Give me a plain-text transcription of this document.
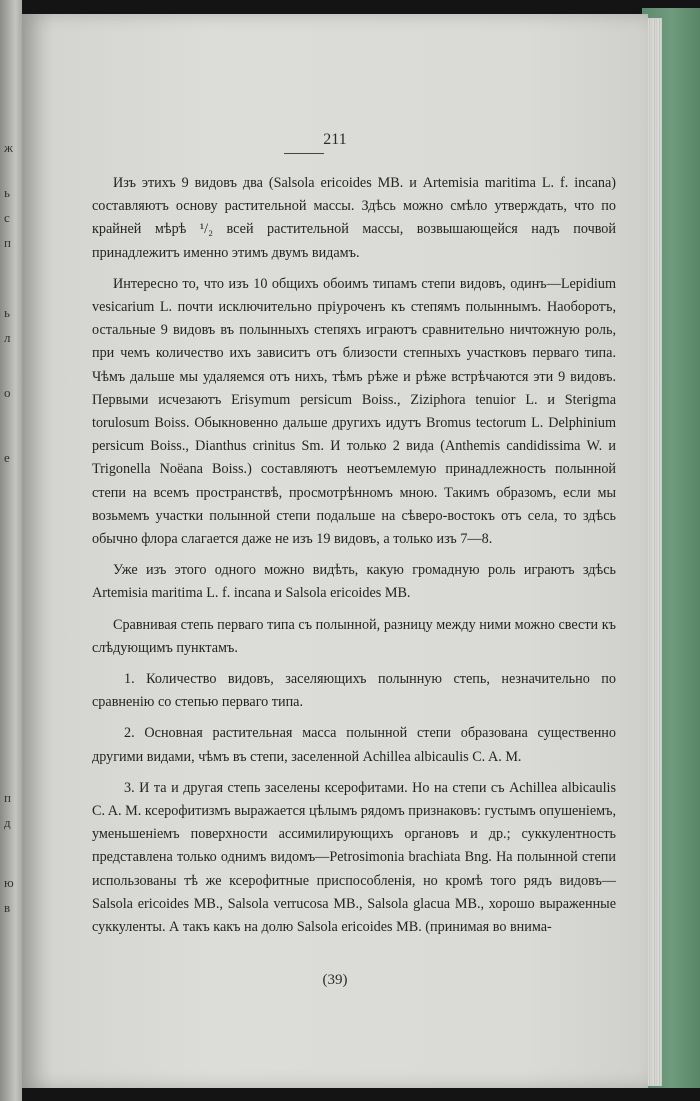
ж
ь
с
п
ь
л
о
е
п
д
ю
в
211

Изъ этихъ 9 видовъ два (Salsola ericoides MB. и Artemisia maritima L. f. incana) составляютъ основу растительной массы. Здѣсь можно смѣло утверждать, что по крайней мѣрѣ ¹/₂ всей растительной массы, возвышающейся надъ почвой принадлежитъ именно этимъ двумъ видамъ.

Интересно то, что изъ 10 общихъ обоимъ типамъ степи видовъ, одинъ—Lepidium vesicarium L. почти исключительно пріуроченъ къ степямъ полыннымъ. Наоборотъ, остальные 9 видовъ въ полынныхъ степяхъ играютъ сравнительно ничтожную роль, при чемъ количество ихъ зависитъ отъ близости степныхъ участковъ перваго типа. Чѣмъ дальше мы удаляемся отъ нихъ, тѣмъ рѣже и рѣже встрѣчаются эти 9 видовъ. Первыми исчезаютъ Erisymum persicum Boiss., Ziziphora tenuior L. и Sterigma torulosum Boiss. Обыкновенно дальше другихъ идутъ Bromus tectorum L. Delphinium persicum Boiss., Dianthus crinitus Sm. И только 2 вида (Anthemis candidissima W. и Trigonella Noëana Boiss.) составляютъ неотъемлемую принадлежность полынной степи на всемъ пространствѣ, просмотрѣнномъ мною. Такимъ образомъ, если мы возьмемъ участки полынной степи подальше на сѣверо-востокъ отъ села, то здѣсь обычно флора слагается даже не изъ 19 видовъ, а только изъ 7—8.

Уже изъ этого одного можно видѣть, какую громадную роль играютъ здѣсь Artemisia maritima L. f. incana и Salsola ericoides MB.

Сравнивая степь перваго типа съ полынной, разницу между ними можно свести къ слѣдующимъ пунктамъ.

1. Количество видовъ, заселяющихъ полынную степь, незначительно по сравненію со степью перваго типа.

2. Основная растительная масса полынной степи образована существенно другими видами, чѣмъ въ степи, заселенной Achillea albicaulis C. A. M.

3. И та и другая степь заселены ксерофитами. Но на степи съ Achillea albicaulis C. A. M. ксерофитизмъ выражается цѣлымъ рядомъ признаковъ: густымъ опушеніемъ, уменьшеніемъ поверхности ассимилирующихъ органовъ и др.; суккулентность представлена только однимъ видомъ—Petrosimonia brachiata Bng. На полынной степи использованы тѣ же ксерофитные приспособленія, но кромѣ того рядъ видовъ—Salsola ericoides MB., Salsola verrucosa MB., Salsola glacua MB., хорошо выраженные суккуленты. А такъ какъ на долю Salsola ericoides MB. (принимая во внима-

(39)
